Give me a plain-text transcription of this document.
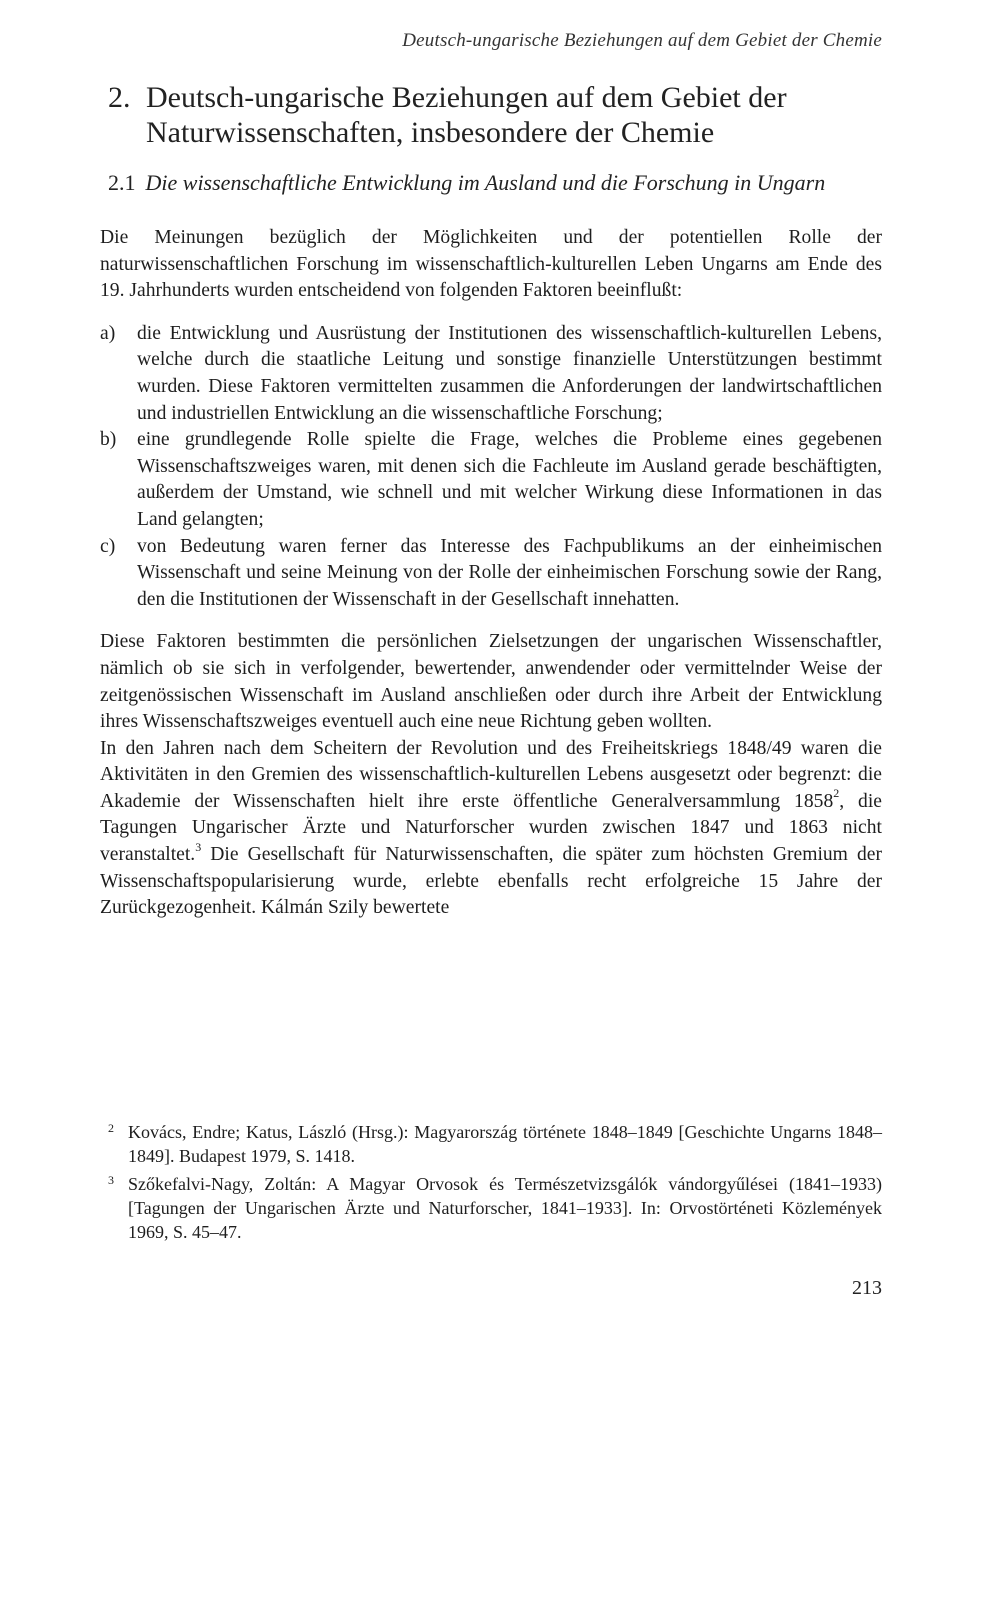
Deutsch-ungarische Beziehungen auf dem Gebiet der Chemie
2. Deutsch-ungarische Beziehungen auf dem Gebiet der
Naturwissenschaften, insbesondere der Chemie
2.1 Die wissenschaftliche Entwicklung im Ausland und die Forschung in Ungarn

Die Meinungen bezüglich der Möglichkeiten und der potentiellen Rolle der naturwissenschaftlichen Forschung im wissenschaftlich-kulturellen Leben Ungarns am Ende des 19. Jahrhunderts wurden entscheidend von folgenden Faktoren beeinflußt:

a) die Entwicklung und Ausrüstung der Institutionen des wissenschaftlich-kulturellen Lebens, welche durch die staatliche Leitung und sonstige finanzielle Unterstützungen bestimmt wurden. Diese Faktoren vermittelten zusammen die Anforderungen der landwirtschaftlichen und industriellen Entwicklung an die wissenschaftliche Forschung;
b) eine grundlegende Rolle spielte die Frage, welches die Probleme eines gegebenen Wissenschaftszweiges waren, mit denen sich die Fachleute im Ausland gerade beschäftigten, außerdem der Umstand, wie schnell und mit welcher Wirkung diese Informationen in das Land gelangten;
c) von Bedeutung waren ferner das Interesse des Fachpublikums an der einheimischen Wissenschaft und seine Meinung von der Rolle der einheimischen Forschung sowie der Rang, den die Institutionen der Wissenschaft in der Gesellschaft innehatten.

Diese Faktoren bestimmten die persönlichen Zielsetzungen der ungarischen Wissenschaftler, nämlich ob sie sich in verfolgender, bewertender, anwendender oder vermittelnder Weise der zeitgenössischen Wissenschaft im Ausland anschließen oder durch ihre Arbeit der Entwicklung ihres Wissenschaftszweiges eventuell auch eine neue Richtung geben wollten.

In den Jahren nach dem Scheitern der Revolution und des Freiheitskriegs 1848/49 waren die Aktivitäten in den Gremien des wissenschaftlich-kulturellen Lebens ausgesetzt oder begrenzt: die Akademie der Wissenschaften hielt ihre erste öffentliche Generalversammlung 1858$^2$, die Tagungen Ungarischer Ärzte und Naturforscher wurden zwischen 1847 und 1863 nicht veranstaltet.$^3$ Die Gesellschaft für Naturwissenschaften, die später zum höchsten Gremium der Wissenschaftspopularisierung wurde, erlebte ebenfalls recht erfolgreiche 15 Jahre der Zurückgezogenheit. Kálmán Szily bewertete

2 Kovács, Endre; Katus, László (Hrsg.): Magyarország története 1848–1849 [Geschichte Ungarns 1848–1849]. Budapest 1979, S. 1418.

3 Szőkefalvi-Nagy, Zoltán: A Magyar Orvosok és Természetvizsgálók vándorgyűlései (1841–1933) [Tagungen der Ungarischen Ärzte und Naturforscher, 1841–1933]. In: Orvostörténeti Közlemények 1969, S. 45–47.

213
